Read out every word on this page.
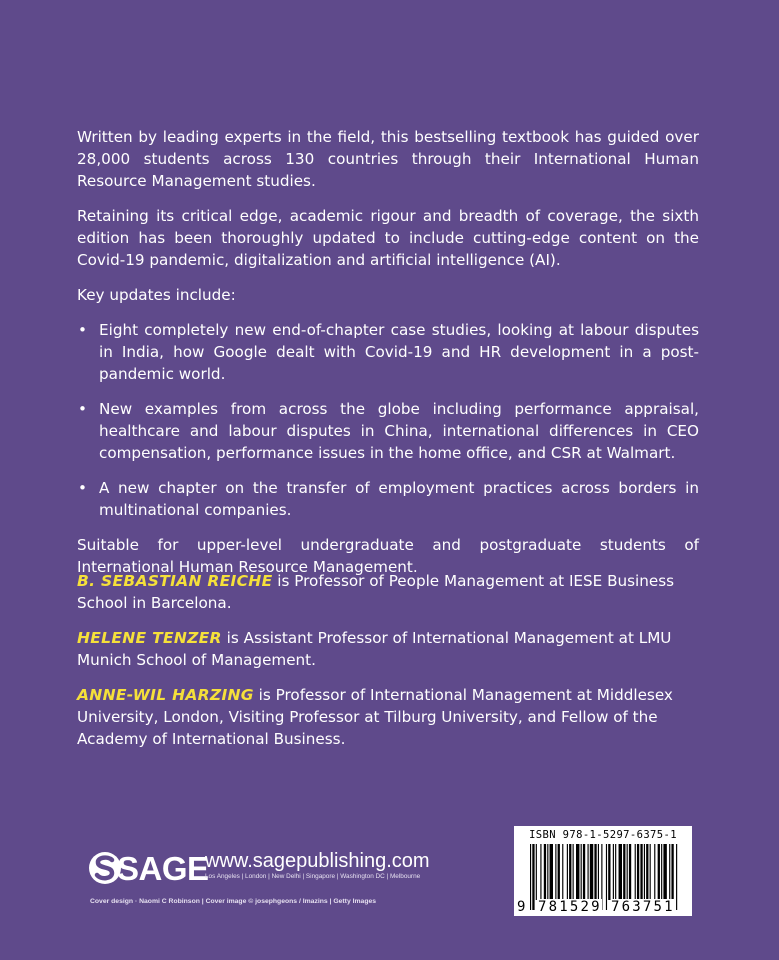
Written by leading experts in the field, this bestselling textbook has guided over 28,000 students across 130 countries through their International Human Resource Management studies.

Retaining its critical edge, academic rigour and breadth of coverage, the sixth edition has been thoroughly updated to include cutting-edge content on the Covid-19 pandemic, digitalization and artificial intelligence (AI).

Key updates include:

• Eight completely new end-of-chapter case studies, looking at labour disputes in India, how Google dealt with Covid-19 and HR development in a post-pandemic world.
• New examples from across the globe including performance appraisal, healthcare and labour disputes in China, international differences in CEO compensation, performance issues in the home office, and CSR at Walmart.
• A new chapter on the transfer of employment practices across borders in multinational companies.

Suitable for upper-level undergraduate and postgraduate students of International Human Resource Management.

B. SEBASTIAN REICHE is Professor of People Management at IESE Business School in Barcelona.

HELENE TENZER is Assistant Professor of International Management at LMU Munich School of Management.

ANNE-WIL HARZING is Professor of International Management at Middlesex University, London, Visiting Professor at Tilburg University, and Fellow of the Academy of International Business.

SAGE
www.sagepublishing.com
Los Angeles | London | New Delhi | Singapore | Washington DC | Melbourne
Cover design · Naomi C Robinson | Cover image © josephgeons / Imazins | Getty Images
ISBN 978-1-5297-6375-1
9 781529 763751
